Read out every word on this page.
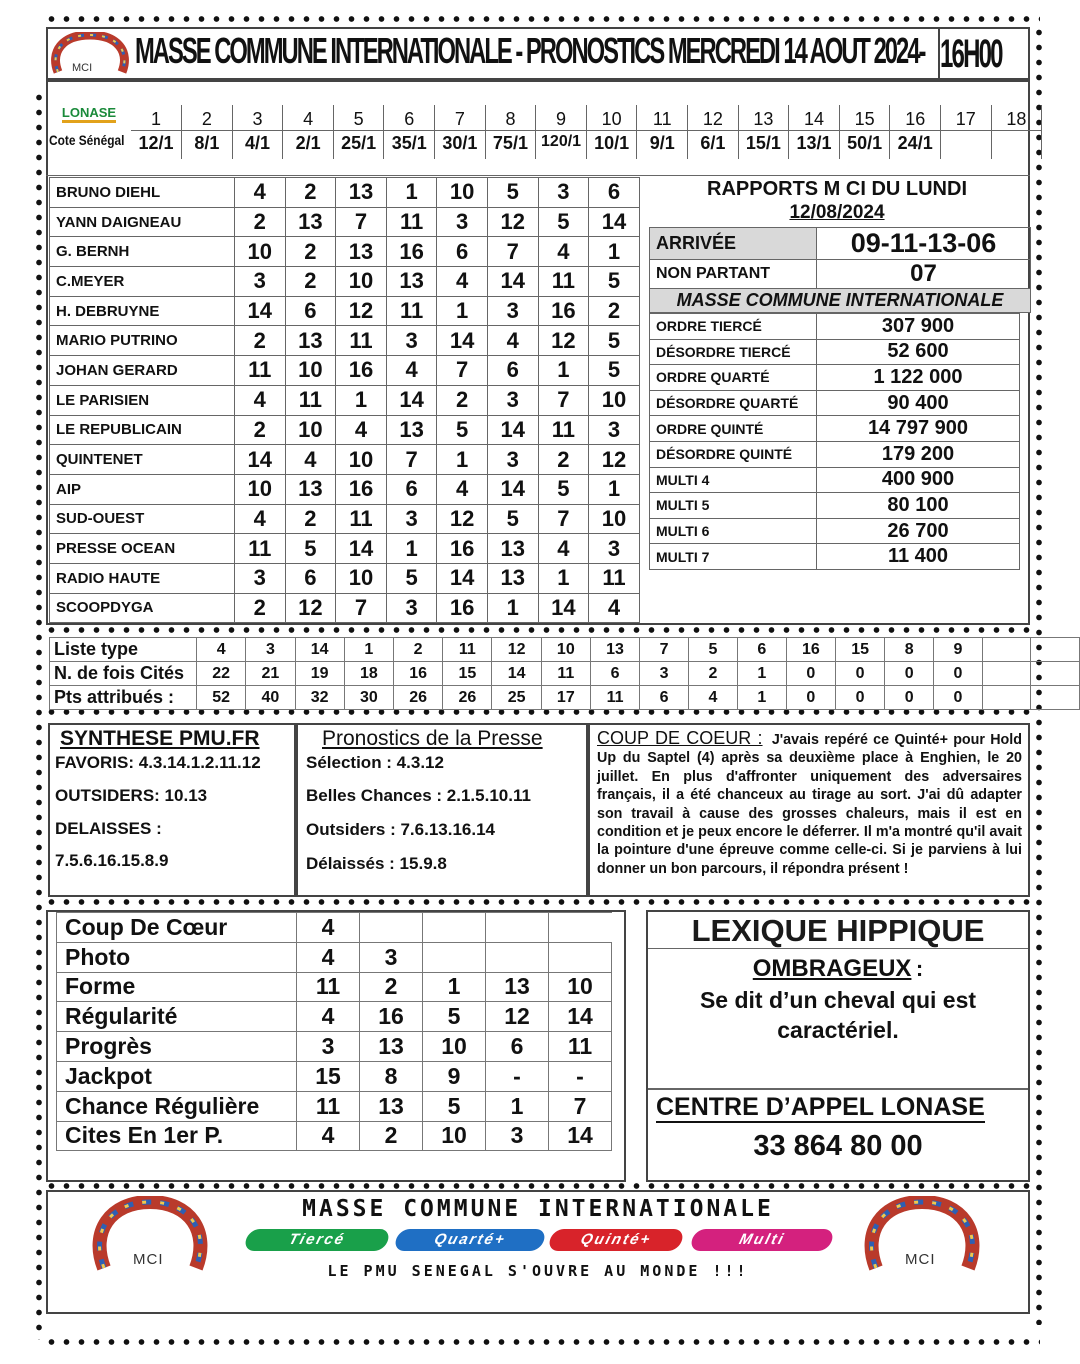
MCI MASSE COMMUNE INTERNATIONALE - PRONOSTICS MERCREDI 14 AOUT 2024- 16H00
LONASE	1	2	3	4	5	6	7	8	9	10	11	12	13	14	15	16	17	18
Cote Sénégal 12/1	8/1	4/1	2/1	25/1	35/1	30/1	75/1	120/1	10/1	9/1	6/1	15/1	13/1	50/1	24/1		
BRUNO DIEHL	4	2	13	1	10	5	3	6
YANN DAIGNEAU	2	13	7	11	3	12	5	14
G. BERNH	10	2	13	16	6	7	4	1
C.MEYER	3	2	10	13	4	14	11	5
H. DEBRUYNE	14	6	12	11	1	3	16	2
MARIO PUTRINO	2	13	11	3	14	4	12	5
JOHAN GERARD	11	10	16	4	7	6	1	5
LE PARISIEN	4	11	1	14	2	3	7	10
LE REPUBLICAIN	2	10	4	13	5	14	11	3
QUINTENET	14	4	10	7	1	3	2	12
AIP	10	13	16	6	4	14	5	1
SUD-OUEST	4	2	11	3	12	5	7	10
PRESSE OCEAN	11	5	14	1	16	13	4	3
RADIO HAUTE	3	6	10	5	14	13	1	11
SCOOPDYGA	2	12	7	3	16	1	14	4
RAPPORTS M CI DU LUNDI
12/08/2024
ARRIVÉE	09-11-13-06
NON PARTANT	07
MASSE COMMUNE INTERNATIONALE	
ORDRE TIERCÉ	307 900
DÉSORDRE TIERCÉ	52 600
ORDRE QUARTÉ	1 122 000
DÉSORDRE QUARTÉ	90 400
ORDRE QUINTÉ	14 797 900
DÉSORDRE QUINTÉ	179 200
MULTI 4	400 900
MULTI 5	80 100
MULTI 6	26 700
MULTI 7	11 400
Liste type	4	3	14	1	2	11	12	10	13	7	5	6	16	15	8	9		
N. de fois Cités	22	21	19	18	16	15	14	11	6	3	2	1	0	0	0	0		
Pts attribués :	52	40	32	30	26	26	25	17	11	6	4	1	0	0	0	0		
SYNTHESE PMU.FR
FAVORIS: 4.3.14.1.2.11.12
OUTSIDERS: 10.13
DELAISSES :
7.5.6.16.15.8.9
Pronostics de la Presse
Sélection : 4.3.12
Belles Chances : 2.1.5.10.11
Outsiders : 7.6.13.16.14
Délaissés : 15.9.8
COUP DE COEUR : J'avais repéré ce Quinté+ pour Hold Up du Saptel (4) après sa deuxième place à Enghien, le 20 juillet. En plus d'affronter uniquement des adversaires français, il a été chanceux au tirage au sort. J'ai dû adapter son travail à cause des grosses chaleurs, mais il est en condition et je peux encore le déferrer. Il m'a montré qu'il avait la pointure d'une épreuve comme celle-ci. Si je parviens à lui donner un bon parcours, il répondra présent !
Coup De Cœur	4				
Photo	4	3			
Forme	11	2	1	13	10
Régularité	4	16	5	12	14
Progrès	3	13	10	6	11
Jackpot	15	8	9	-	-
Chance Régulière	11	13	5	1	7
Cites En 1er P.	4	2	10	3	14
LEXIQUE HIPPIQUE
OMBRAGEUX :
Se dit d’un cheval qui est caractériel.
CENTRE D’APPEL LONASE
33 864 80 00
MASSE COMMUNE INTERNATIONALE
Tiercé	Quarté+	Quinté+	Multi
LE PMU SENEGAL S'OUVRE AU MONDE !!!
MCI	MCI
